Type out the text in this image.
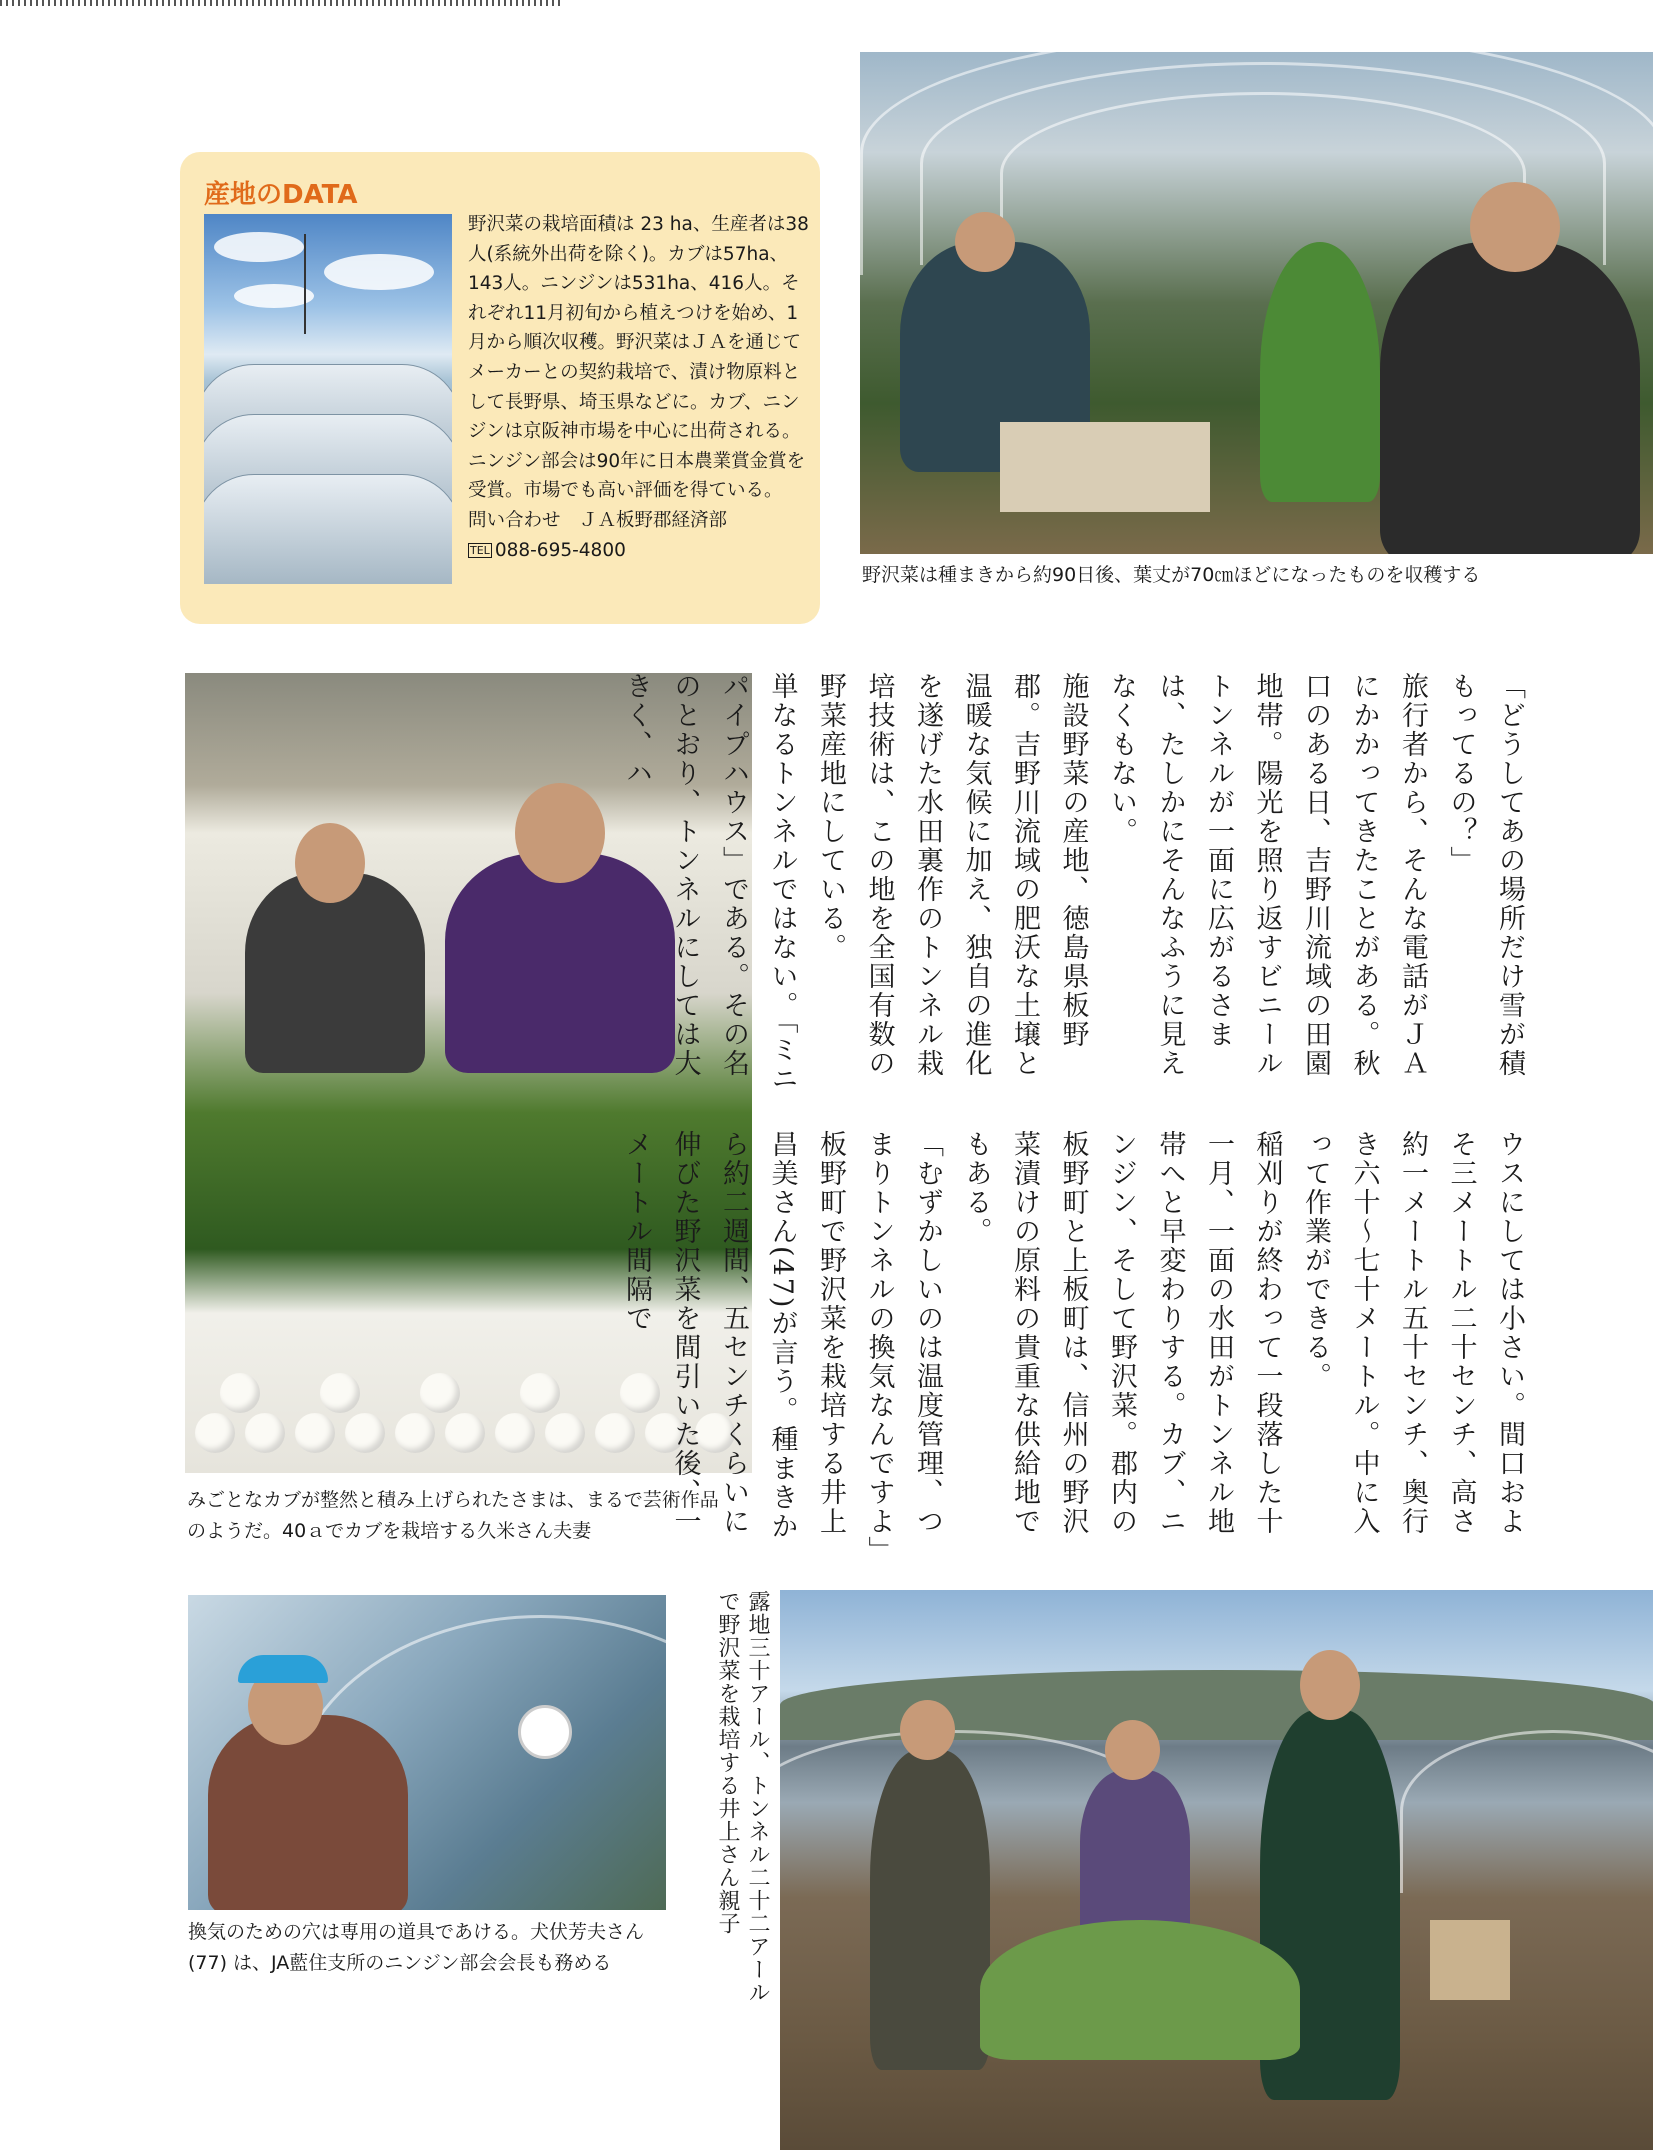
産地のDATA

野沢菜の栽培面積は 23 ha、生産者は38人(系統外出荷を除く)。カブは57ha、143人。ニンジンは531ha、416人。それぞれ11月初旬から植えつけを始め、1月から順次収穫。野沢菜はＪＡを通じてメーカーとの契約栽培で、漬け物原料として長野県、埼玉県などに。カブ、ニンジンは京阪神市場を中心に出荷される。ニンジン部会は90年に日本農業賞金賞を受賞。市場でも高い評価を得ている。
問い合わせ　ＪＡ板野郡経済部
TEL 088-695-4800

野沢菜は種まきから約90日後、葉丈が70㎝ほどになったものを収穫する

みごとなカブが整然と積み上げられたさまは、まるで芸術作品
のようだ。40ａでカブを栽培する久米さん夫妻

「どうしてあの場所だけ雪が積もってるの？」

旅行者から、そんな電話がＪＡにかかってきたことがある。秋口のある日、吉野川流域の田園地帯。陽光を照り返すビニールトンネルが一面に広がるさまは、たしかにそんなふうに見えなくもない。

施設野菜の産地、徳島県板野郡。吉野川流域の肥沃な土壌と温暖な気候に加え、独自の進化を遂げた水田裏作のトンネル栽培技術は、この地を全国有数の野菜産地にしている。

単なるトンネルではない。「ミニパイプハウス」である。その名のとおり、トンネルにしては大きく、ハ

ウスにしては小さい。間口およそ三メートル二十センチ、高さ約一メートル五十センチ、奥行き六十～七十メートル。中に入って作業ができる。

稲刈りが終わって一段落した十一月、一面の水田がトンネル地帯へと早変わりする。カブ、ニンジン、そして野沢菜。郡内の板野町と上板町は、信州の野沢菜漬けの原料の貴重な供給地でもある。

「むずかしいのは温度管理、つまりトンネルの換気なんですよ」

板野町で野沢菜を栽培する井上昌美さん(47)が言う。種まきから約二週間、五センチくらいに伸びた野沢菜を間引いた後、一メートル間隔で

換気のための穴は専用の道具であける。犬伏芳夫さん
(77) は、JA藍住支所のニンジン部会会長も務める	露地三十アール、トンネル二十二アールで野沢菜を栽培する井上さん親子
